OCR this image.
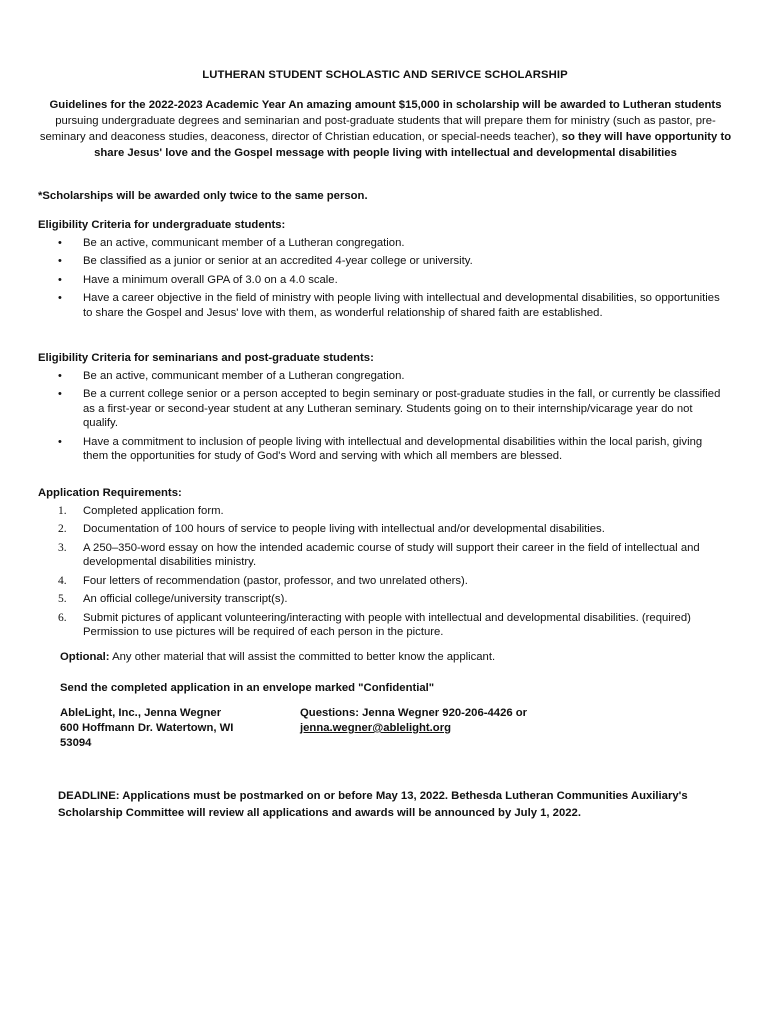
LUTHERAN STUDENT SCHOLASTIC AND SERIVCE SCHOLARSHIP
Guidelines for the 2022-2023 Academic Year An amazing amount $15,000 in scholarship will be awarded to Lutheran students pursuing undergraduate degrees and seminarian and post-graduate students that will prepare them for ministry (such as pastor, pre-seminary and deaconess studies, deaconess, director of Christian education, or special-needs teacher), so they will have opportunity to share Jesus' love and the Gospel message with people living with intellectual and developmental disabilities
*Scholarships will be awarded only twice to the same person.
Eligibility Criteria for undergraduate students:
• Be an active, communicant member of a Lutheran congregation.
• Be classified as a junior or senior at an accredited 4-year college or university.
• Have a minimum overall GPA of 3.0 on a 4.0 scale.
• Have a career objective in the field of ministry with people living with intellectual and developmental disabilities, so opportunities to share the Gospel and Jesus' love with them, as wonderful relationship of shared faith are established.
Eligibility Criteria for seminarians and post-graduate students:
• Be an active, communicant member of a Lutheran congregation.
• Be a current college senior or a person accepted to begin seminary or post-graduate studies in the fall, or currently be classified as a first-year or second-year student at any Lutheran seminary. Students going on to their internship/vicarage year do not qualify.
• Have a commitment to inclusion of people living with intellectual and developmental disabilities within the local parish, giving them the opportunities for study of God's Word and serving with which all members are blessed.
Application Requirements:
1. Completed application form.
2. Documentation of 100 hours of service to people living with intellectual and/or developmental disabilities.
3. A 250–350-word essay on how the intended academic course of study will support their career in the field of intellectual and developmental disabilities ministry.
4. Four letters of recommendation (pastor, professor, and two unrelated others).
5. An official college/university transcript(s).
6. Submit pictures of applicant volunteering/interacting with people with intellectual and developmental disabilities. (required) Permission to use pictures will be required of each person in the picture.
Optional: Any other material that will assist the committed to better know the applicant.
Send the completed application in an envelope marked "Confidential"
AbleLight, Inc., Jenna Wegner
600 Hoffmann Dr. Watertown, WI
53094
Questions: Jenna Wegner 920-206-4426 or
jenna.wegner@ablelight.org
DEADLINE: Applications must be postmarked on or before May 13, 2022. Bethesda Lutheran Communities Auxiliary's Scholarship Committee will review all applications and awards will be announced by July 1, 2022.
